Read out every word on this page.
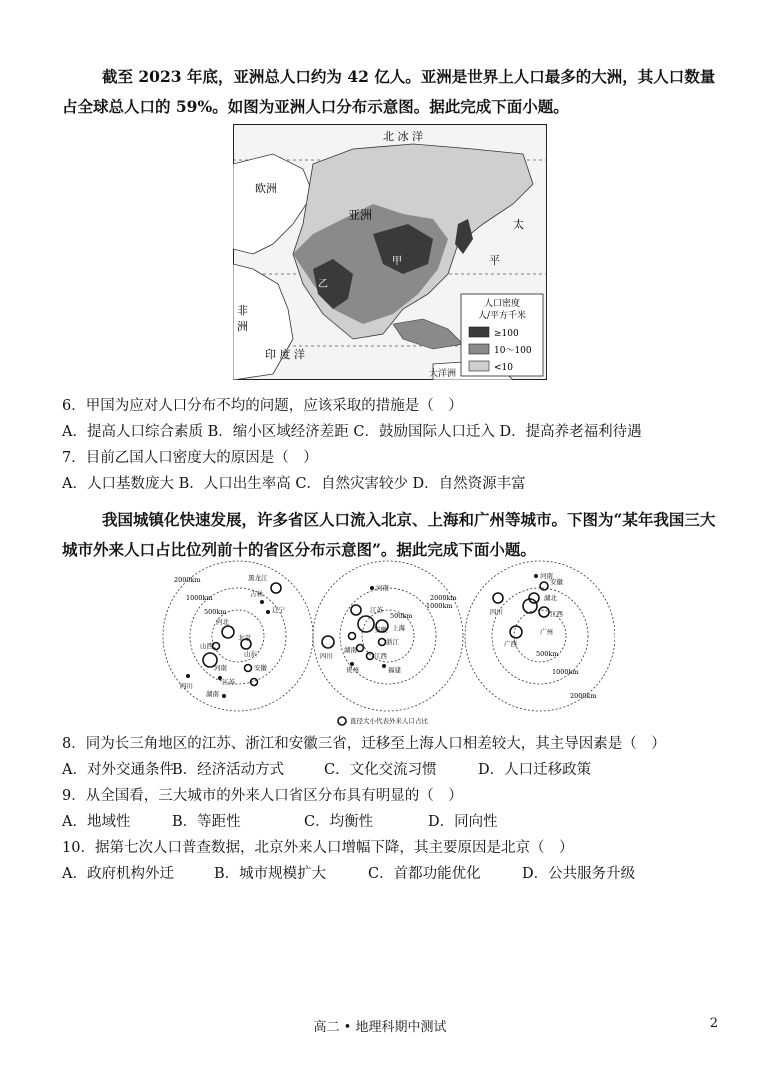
截至 2023 年底，亚洲总人口约为 42 亿人。亚洲是世界上人口最多的大洲，其人口数量占全球总人口的 59%。如图为亚洲人口分布示意图。据此完成下面小题。
北 冰 洋
欧洲
亚洲
太
平
非
洲
印 度 洋
乙
甲
大洋洲
人口密度
人/平方千米
≥100
10～100
<10
6．甲国为应对人口分布不均的问题，应该采取的措施是（　）
A．提高人口综合素质 B．缩小区域经济差距 C．鼓励国际人口迁入 D．提高养老福利待遇
7．目前乙国人口密度大的原因是（　）
A．人口基数庞大 B．人口出生率高 C．自然灾害较少 D．自然资源丰富
我国城镇化快速发展，许多省区人口流入北京、上海和广州等城市。下图为“某年我国三大城市外来人口占比位列前十的省区分布示意图”。据此完成下面小题。
2000km
1000km
500km
黑龙江
吉林
辽宁
河北
北京
山西
山东
河南	安徽
江苏
四川
湖南
1000km
2000km
500km
河南
江苏
安徽 上海
浙江
四川
湖南
江西
贵州	福建
500km
1000km
2000km
河南
安徽
湖北
四川	江西
广西
广州
直径大小代表外来人口占比
8．同为长三角地区的江苏、浙江和安徽三省，迁移至上海人口相差较大，其主导因素是（　）
A．对外交通条件B．经济活动方式	C．文化交流习惯	D．人口迁移政策
9．从全国看，三大城市的外来人口省区分布具有明显的（　）
A．地域性	B．等距性	C．均衡性	D．同向性
10．据第七次人口普查数据，北京外来人口增幅下降，其主要原因是北京（　）
A．政府机构外迁	B．城市规模扩大	C．首都功能优化	D．公共服务升级
高二 • 地理科期中测试	2
